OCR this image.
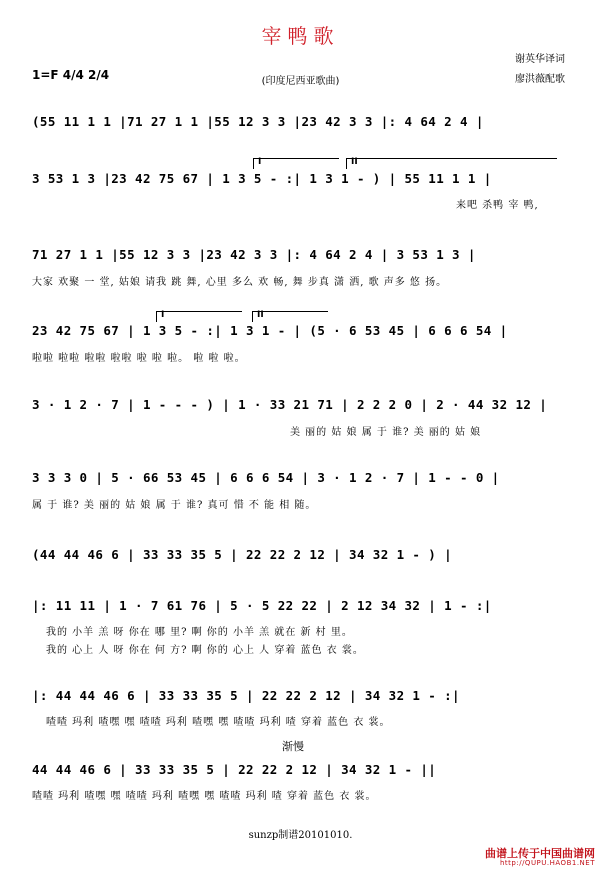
宰鸭歌
谢英华译词
廖洪薇配歌
1=F 4/4 2/4	(印度尼西亚歌曲)
(55 11 1 1 |71 27 1 1 |55 12 3 3 |23 42 3 3 |: 4 64 2 4 |
I	II
3 53 1 3 |23 42 75 67 | 1 3 5 - :| 1 3 1 - ) | 55 11 1 1 |
来吧 杀鸭 宰 鸭,
71 27 1 1 |55 12 3 3 |23 42 3 3 |: 4 64 2 4 | 3 53 1 3 |
大家 欢聚 一 堂, 姑娘 请我 跳 舞, 心里 多么 欢 畅, 舞 步真 潇 洒, 歌 声多 悠 扬。
I	II
23 42 75 67 | 1 3 5 - :| 1 3 1 - | (5 · 6 53 45 | 6 6 6 54 |
啦啦 啦啦 啦啦 啦啦 啦 啦 啦。 啦 啦 啦。
3 · 1 2 · 7 | 1 - - - ) | 1 · 33 21 71 | 2 2 2 0 | 2 · 44 32 12 |
美 丽的 姑 娘 属 于 谁? 美 丽的 姑 娘
3 3 3 0 | 5 · 66 53 45 | 6 6 6 54 | 3 · 1 2 · 7 | 1 - - 0 |
属 于 谁? 美 丽的 姑 娘 属 于 谁? 真可 惜 不 能 相 随。
(44 44 46 6 | 33 33 35 5 | 22 22 2 12 | 34 32 1 - ) |
|: 11 11 | 1 · 7 61 76 | 5 · 5 22 22 | 2 12 34 32 | 1 - :|
我的 小羊 羔 呀 你在 哪 里? 啊 你的 小羊 羔 就在 新 村 里。
我的 心上 人 呀 你在 何 方? 啊 你的 心上 人 穿着 蓝色 衣 裳。
|: 44 44 46 6 | 33 33 35 5 | 22 22 2 12 | 34 32 1 - :|
喳喳 玛利 喳嘿 嘿 喳喳 玛利 喳嘿 嘿 喳喳 玛利 喳 穿着 蓝色 衣 裳。
渐慢
44 44 46 6 | 33 33 35 5 | 22 22 2 12 | 34 32 1 - ||
喳喳 玛利 喳嘿 嘿 喳喳 玛利 喳嘿 嘿 喳喳 玛利 喳 穿着 蓝色 衣 裳。
sunzp制谱20101010.
曲谱上传于中国曲谱网
http://QUPU.HAOB1.NET
